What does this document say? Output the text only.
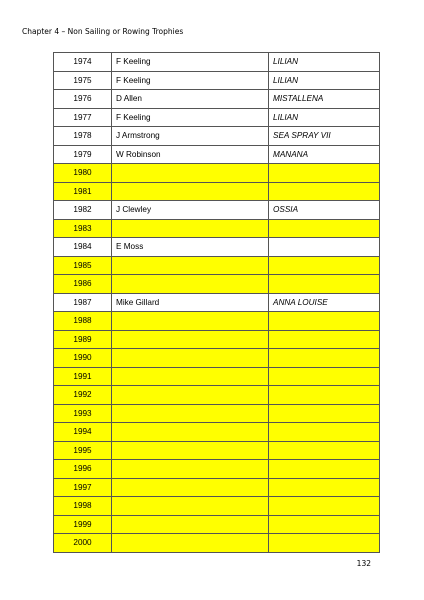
Chapter 4 – Non Sailing or Rowing Trophies
1974	F Keeling	LILIAN
1975	F Keeling	LILIAN
1976	D Allen	MISTALLENA
1977	F Keeling	LILIAN
1978	J Armstrong	SEA SPRAY VII
1979	W Robinson	MANANA
1980		
1981		
1982	J Clewley	OSSIA
1983		
1984	E Moss	
1985		
1986		
1987	Mike Gillard	ANNA LOUISE
1988		
1989		
1990		
1991		
1992		
1993		
1994		
1995		
1996		
1997		
1998		
1999		
2000		
132
